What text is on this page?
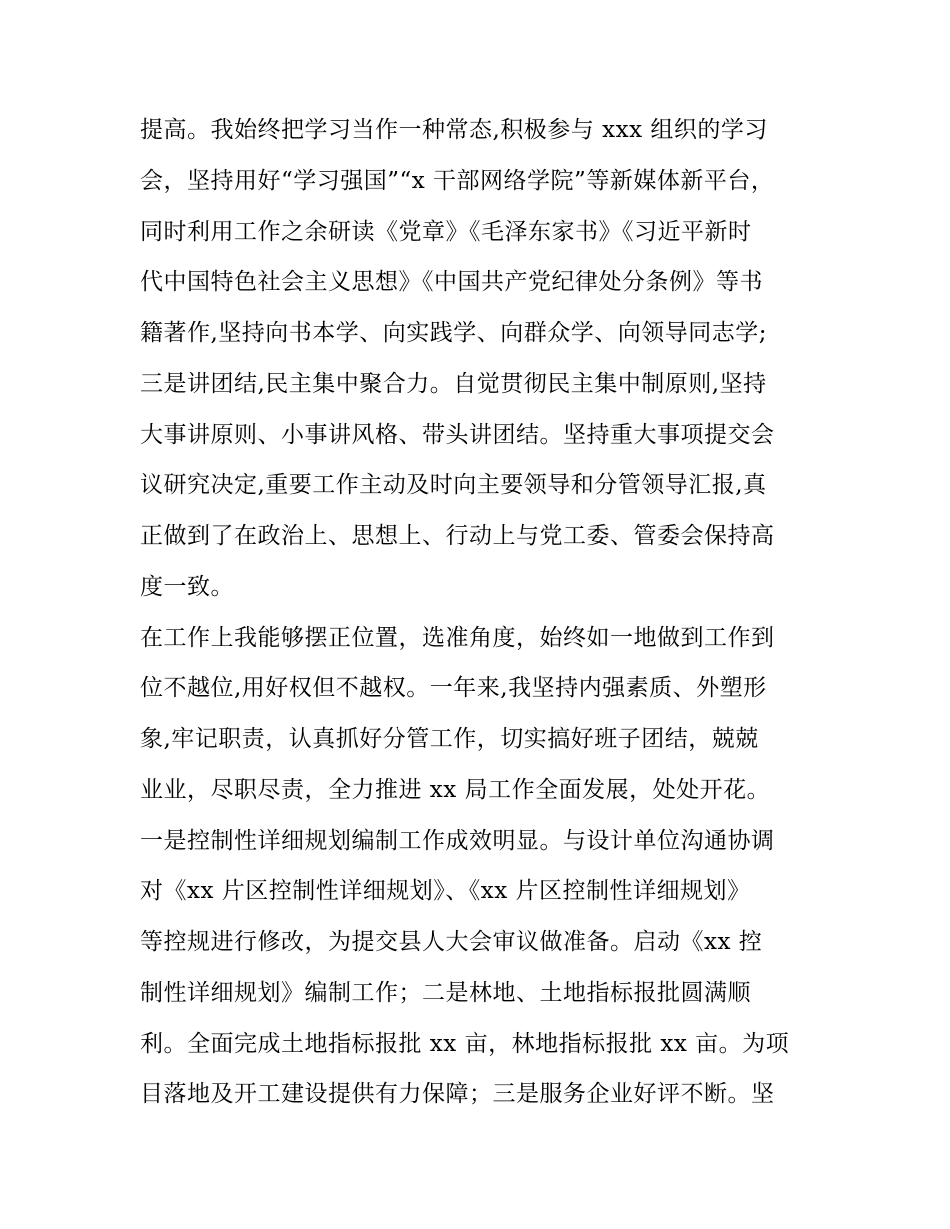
提高。我始终把学习当作一种常态,积极参与 xxx 组织的学习
会，坚持用好“学习强国”“x 干部网络学院”等新媒体新平台，
同时利用工作之余研读《党章》《毛泽东家书》《习近平新时
代中国特色社会主义思想》《中国共产党纪律处分条例》等书
籍著作,坚持向书本学、向实践学、向群众学、向领导同志学;
三是讲团结,民主集中聚合力。自觉贯彻民主集中制原则,坚持
大事讲原则、小事讲风格、带头讲团结。坚持重大事项提交会
议研究决定,重要工作主动及时向主要领导和分管领导汇报,真
正做到了在政治上、思想上、行动上与党工委、管委会保持高
度一致。
在工作上我能够摆正位置，选准角度，始终如一地做到工作到
位不越位,用好权但不越权。一年来,我坚持内强素质、外塑形
象,牢记职责，认真抓好分管工作，切实搞好班子团结，兢兢
业业，尽职尽责，全力推进 xx 局工作全面发展，处处开花。
一是控制性详细规划编制工作成效明显。与设计单位沟通协调
对《xx 片区控制性详细规划》、《xx 片区控制性详细规划》
等控规进行修改，为提交县人大会审议做准备。启动《xx 控
制性详细规划》编制工作；二是林地、土地指标报批圆满顺
利。全面完成土地指标报批 xx 亩，林地指标报批 xx 亩。为项
目落地及开工建设提供有力保障；三是服务企业好评不断。坚
